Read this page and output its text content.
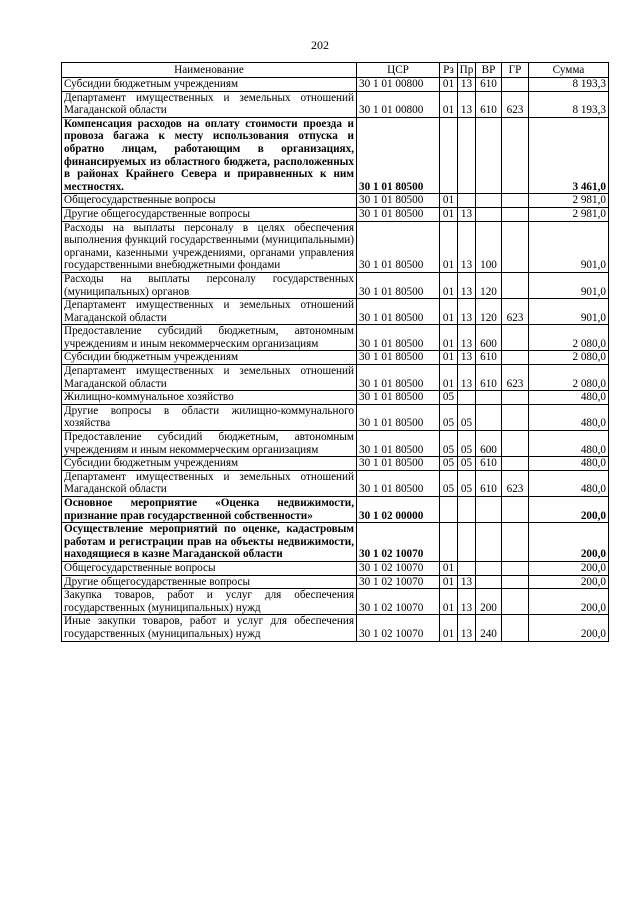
202
Наименование	ЦСР	Рз	Пр	ВР	ГР	Сумма
Субсидии бюджетным учреждениям	30 1 01 00800	01	13	610		8 193,3
Департамент имущественных и земельных отношений Магаданской области	30 1 01 00800	01	13	610	623	8 193,3
Компенсация расходов на оплату стоимости проезда и провоза багажа к месту использования отпуска и обратно лицам, работающим в организациях, финансируемых из областного бюджета, расположенных в районах Крайнего Севера и приравненных к ним местностях.	30 1 01 80500					3 461,0
Общегосударственные вопросы	30 1 01 80500	01				2 981,0
Другие общегосударственные вопросы	30 1 01 80500	01	13			2 981,0
Расходы на выплаты персоналу в целях обеспечения выполнения функций государственными (муниципальными) органами, казенными учреждениями, органами управления государственными внебюджетными фондами	30 1 01 80500	01	13	100		901,0
Расходы на выплаты персоналу государственных (муниципальных) органов	30 1 01 80500	01	13	120		901,0
Департамент имущественных и земельных отношений Магаданской области	30 1 01 80500	01	13	120	623	901,0
Предоставление субсидий бюджетным, автономным учреждениям и иным некоммерческим организациям	30 1 01 80500	01	13	600		2 080,0
Субсидии бюджетным учреждениям	30 1 01 80500	01	13	610		2 080,0
Департамент имущественных и земельных отношений Магаданской области	30 1 01 80500	01	13	610	623	2 080,0
Жилищно-коммунальное хозяйство	30 1 01 80500	05				480,0
Другие вопросы в области жилищно-коммунального хозяйства	30 1 01 80500	05	05			480,0
Предоставление субсидий бюджетным, автономным учреждениям и иным некоммерческим организациям	30 1 01 80500	05	05	600		480,0
Субсидии бюджетным учреждениям	30 1 01 80500	05	05	610		480,0
Департамент имущественных и земельных отношений Магаданской области	30 1 01 80500	05	05	610	623	480,0
Основное мероприятие «Оценка недвижимости, признание прав государственной собственности»	30 1 02 00000					200,0
Осуществление мероприятий по оценке, кадастровым работам и регистрации прав на объекты недвижимости, находящиеся в казне Магаданской области	30 1 02 10070					200,0
Общегосударственные вопросы	30 1 02 10070	01				200,0
Другие общегосударственные вопросы	30 1 02 10070	01	13			200,0
Закупка товаров, работ и услуг для обеспечения государственных (муниципальных) нужд	30 1 02 10070	01	13	200		200,0
Иные закупки товаров, работ и услуг для обеспечения государственных (муниципальных) нужд	30 1 02 10070	01	13	240		200,0
